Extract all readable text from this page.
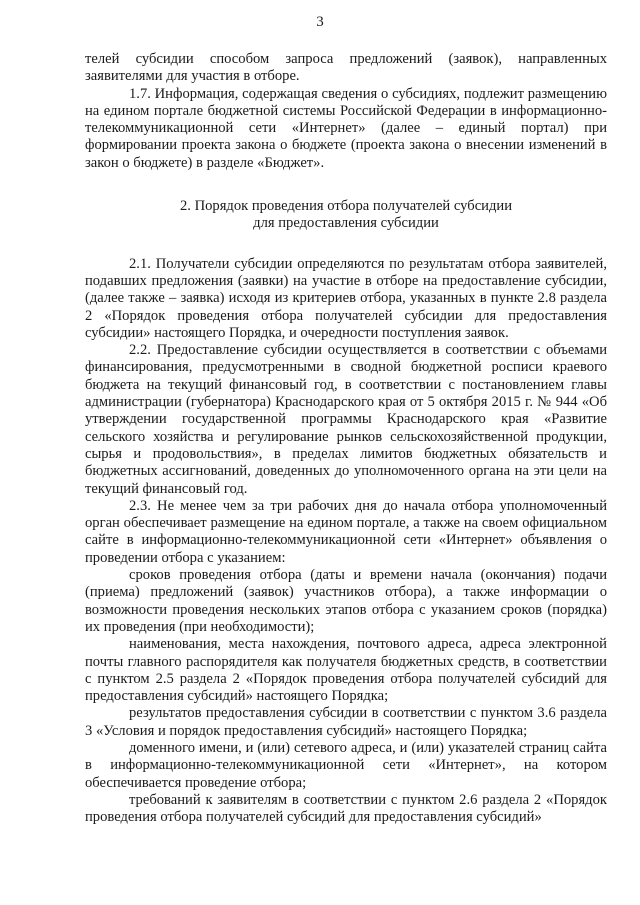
3

телей субсидии способом запроса предложений (заявок), направленных заявителями для участия в отборе.

1.7. Информация, содержащая сведения о субсидиях, подлежит размещению на едином портале бюджетной системы Российской Федерации в информационно-телекоммуникационной сети «Интернет» (далее – единый портал) при формировании проекта закона о бюджете (проекта закона о внесении изменений в закон о бюджете) в разделе «Бюджет».

2. Порядок проведения отбора получателей субсидии
для предоставления субсидии

2.1. Получатели субсидии определяются по результатам отбора заявителей, подавших предложения (заявки) на участие в отборе на предоставление субсидии, (далее также – заявка) исходя из критериев отбора, указанных в пункте 2.8 раздела 2 «Порядок проведения отбора получателей субсидии для предоставления субсидии» настоящего Порядка, и очередности поступления заявок.

2.2. Предоставление субсидии осуществляется в соответствии с объемами финансирования, предусмотренными в сводной бюджетной росписи краевого бюджета на текущий финансовый год, в соответствии с постановлением главы администрации (губернатора) Краснодарского края от 5 октября 2015 г. № 944 «Об утверждении государственной программы Краснодарского края «Развитие сельского хозяйства и регулирование рынков сельскохозяйственной продукции, сырья и продовольствия», в пределах лимитов бюджетных обязательств и бюджетных ассигнований, доведенных до уполномоченного органа на эти цели на текущий финансовый год.

2.3. Не менее чем за три рабочих дня до начала отбора уполномоченный орган обеспечивает размещение на едином портале, а также на своем официальном сайте в информационно-телекоммуникационной сети «Интернет» объявления о проведении отбора с указанием:

сроков проведения отбора (даты и времени начала (окончания) подачи (приема) предложений (заявок) участников отбора), а также информации о возможности проведения нескольких этапов отбора с указанием сроков (порядка) их проведения (при необходимости);

наименования, места нахождения, почтового адреса, адреса электронной почты главного распорядителя как получателя бюджетных средств, в соответствии с пунктом 2.5 раздела 2 «Порядок проведения отбора получателей субсидий для предоставления субсидий» настоящего Порядка;

результатов предоставления субсидии в соответствии с пунктом 3.6 раздела 3 «Условия и порядок предоставления субсидий» настоящего Порядка;

доменного имени, и (или) сетевого адреса, и (или) указателей страниц сайта в информационно-телекоммуникационной сети «Интернет», на котором обеспечивается проведение отбора;

требований к заявителям в соответствии с пунктом 2.6 раздела 2 «Порядок проведения отбора получателей субсидий для предоставления субсидий»
